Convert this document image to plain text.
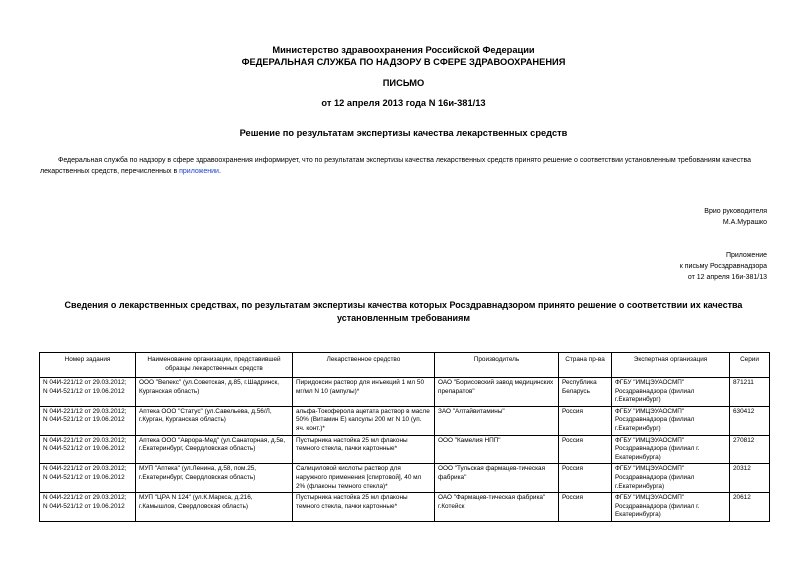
Министерство здравоохранения Российской Федерации
ФЕДЕРАЛЬНАЯ СЛУЖБА ПО НАДЗОРУ В СФЕРЕ ЗДРАВООХРАНЕНИЯ
ПИСЬМО
от 12 апреля 2013 года N 16и-381/13
Решение по результатам экспертизы качества лекарственных средств
Федеральная служба по надзору в сфере здравоохранения информирует, что по результатам экспертизы качества лекарственных средств принято решение о соответствии установленным требованиям качества лекарственных средств, перечисленных в приложении.
Врио руководителя
М.А.Мурашко
Приложение
к письму Росздравнадзора
от 12 апреля 16и-381/13
Сведения о лекарственных средствах, по результатам экспертизы качества которых Росздравнадзором принято решение о соответствии их качества установленным требованиям
Номер задания	Наименование организации, представившей образцы лекарственных средств	Лекарственное средство	Производитель	Страна пр-ва	Экспертная организация	Серии
N 04И-221/12 от 29.03.2012; N 04И-521/12 от 19.06.2012	ООО "Велекс" (ул.Советская, д.85, г.Шадринск, Курганская область)	Пиридоксин раствор для инъекций 1 мл 50 мг/мл N 10 (ампулы)*	ОАО "Борисовский завод медицинских препаратов"	Республика Беларусь	ФГБУ "ИМЦЭУАОСМП" Росздравнадзора (филиал г.Екатеринбург)	871211
N 04И-221/12 от 29.03.2012; N 04И-521/12 от 19.06.2012	Аптека ООО "Статус" (ул.Савельева, д.56/Л, г.Курган, Курганская область)	альфа-Токоферола ацетата раствор в масле 50% (Витамин Е) капсулы 200 мг N 10 (уп. яч. конт.)*	ЗАО "Алтайвитамины"	Россия	ФГБУ "ИМЦЭУАОСМП" Росздравнадзора (филиал г.Екатеринбург)	630412
N 04И-221/12 от 29.03.2012; N 04И-521/12 от 19.06.2012	Аптека ООО "Аврора-Мед" (ул.Санаторная, д.5в, г.Екатеринбург, Свердловская область)	Пустырника настойка 25 мл флаконы темного стекла, пачки картонные*	ООО "Камелия НПП"	Россия	ФГБУ "ИМЦЭУАОСМП" Росздравнадзора (филиал г. Екатеринбурга)	270812
N 04И-221/12 от 29.03.2012; N 04И-521/12 от 19.06.2012	МУП "Аптека" (ул.Ленина, д.58, пом.25, г.Екатеринбург, Свердловская область)	Салициловой кислоты раствор для наружного применения [спиртовой], 40 мл 2% (флаконы темного стекла)*	ООО "Тульская фармацев-тическая фабрика"	Россия	ФГБУ "ИМЦЭУАОСМП" Росздравнадзора (филиал г.Екатеринбурга)	20312
N 04И-221/12 от 29.03.2012; N 04И-521/12 от 19.06.2012	МУП "ЦРА N 124" (ул.К.Маркса, д.216, г.Камышлов, Свердловская область)	Пустырника настойка 25 мл флаконы темного стекла, пачки картонные*	ОАО "Фармацев-тическая фабрика" г.Котейск	Россия	ФГБУ "ИМЦЭУАОСМП" Росздравнадзора (филиал г. Екатеринбурга)	20612
